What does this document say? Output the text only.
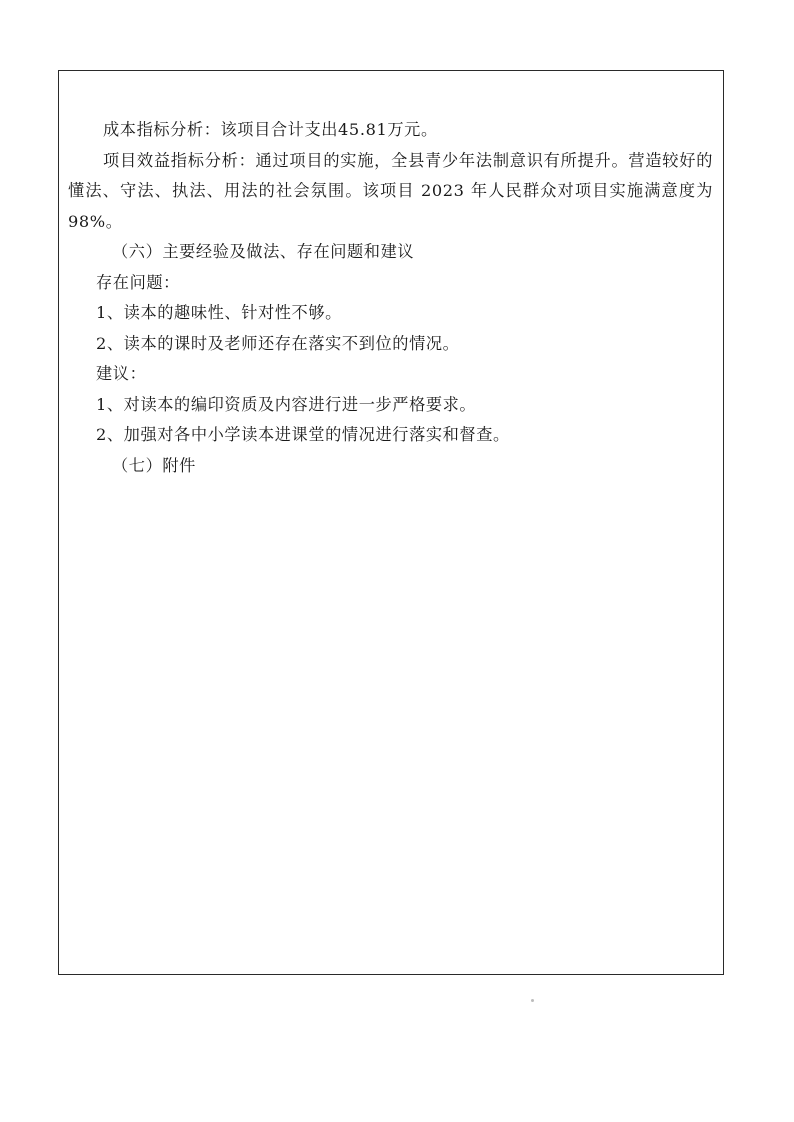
成本指标分析：该项目合计支出45.81万元。
项目效益指标分析：通过项目的实施，全县青少年法制意识有所提升。营造较好的懂法、守法、执法、用法的社会氛围。该项目 2023 年人民群众对项目实施满意度为98%。
（六）主要经验及做法、存在问题和建议
存在问题：
1、读本的趣味性、针对性不够。
2、读本的课时及老师还存在落实不到位的情况。
建议：
1、对读本的编印资质及内容进行进一步严格要求。
2、加强对各中小学读本进课堂的情况进行落实和督查。
（七）附件
